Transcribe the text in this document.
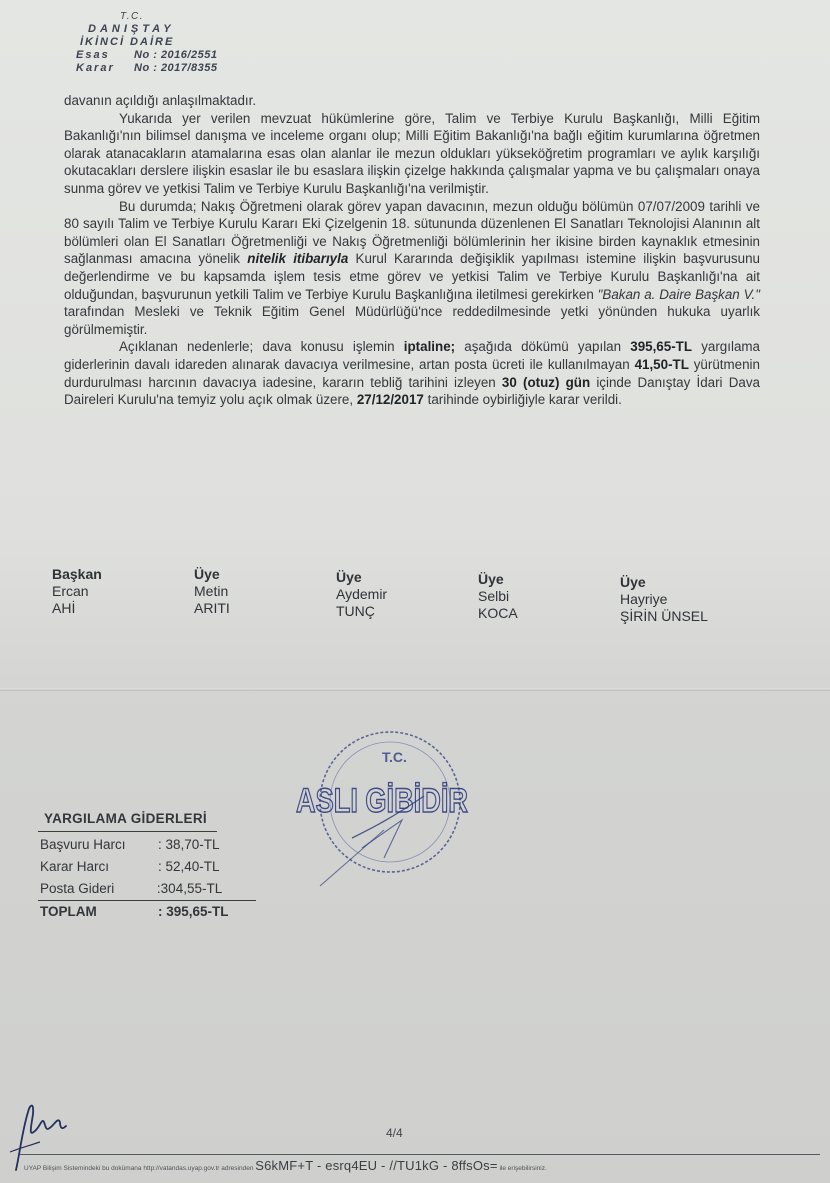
T.C.
DANIŞTAY
İKİNCİ DAİRE
Esas No : 2016/2551
Karar No : 2017/8355

davanın açıldığı anlaşılmaktadır.

Yukarıda yer verilen mevzuat hükümlerine göre, Talim ve Terbiye Kurulu Başkanlığı, Milli Eğitim Bakanlığı'nın bilimsel danışma ve inceleme organı olup; Milli Eğitim Bakanlığı'na bağlı eğitim kurumlarına öğretmen olarak atanacakların atamalarına esas olan alanlar ile mezun oldukları yükseköğretim programları ve aylık karşılığı okutacakları derslere ilişkin esaslar ile bu esaslara ilişkin çizelge hakkında çalışmalar yapma ve bu çalışmaları onaya sunma görev ve yetkisi Talim ve Terbiye Kurulu Başkanlığı'na verilmiştir.

Bu durumda; Nakış Öğretmeni olarak görev yapan davacının, mezun olduğu bölümün 07/07/2009 tarihli ve 80 sayılı Talim ve Terbiye Kurulu Kararı Eki Çizelgenin 18. sütununda düzenlenen El Sanatları Teknolojisi Alanının alt bölümleri olan El Sanatları Öğretmenliği ve Nakış Öğretmenliği bölümlerinin her ikisine birden kaynaklık etmesinin sağlanması amacına yönelik nitelik itibarıyla Kurul Kararında değişiklik yapılması istemine ilişkin başvurusunu değerlendirme ve bu kapsamda işlem tesis etme görev ve yetkisi Talim ve Terbiye Kurulu Başkanlığı'na ait olduğundan, başvurunun yetkili Talim ve Terbiye Kurulu Başkanlığına iletilmesi gerekirken "Bakan a. Daire Başkan V." tarafından Mesleki ve Teknik Eğitim Genel Müdürlüğü'nce reddedilmesinde yetki yönünden hukuka uyarlık görülmemiştir.

Açıklanan nedenlerle; dava konusu işlemin iptaline; aşağıda dökümü yapılan 395,65-TL yargılama giderlerinin davalı idareden alınarak davacıya verilmesine, artan posta ücreti ile kullanılmayan 41,50-TL yürütmenin durdurulması harcının davacıya iadesine, kararın tebliğ tarihini izleyen 30 (otuz) gün içinde Danıştay İdari Dava Daireleri Kurulu'na temyiz yolu açık olmak üzere, 27/12/2017 tarihinde oybirliğiyle karar verildi.

Başkan
Ercan
AHİ
Üye
Metin
ARITI
Üye
Aydemir
TUNÇ
Üye
Selbi
KOCA
Üye
Hayriye
ŞİRİN ÜNSEL
T.C.
ASLI GİBİDİR
YARGILAMA GİDERLERİ
Başvuru Harcı	: 38,70-TL
Karar Harcı	: 52,40-TL
Posta Gideri	:304,55-TL
TOPLAM	: 395,65-TL
4/4
UYAP Bilişim Sistemindeki bu dokümana http://vatandas.uyap.gov.tr adresinden S6kMF+T - esrq4EU - //TU1kG - 8ffsOs= ile erişebilirsiniz.
